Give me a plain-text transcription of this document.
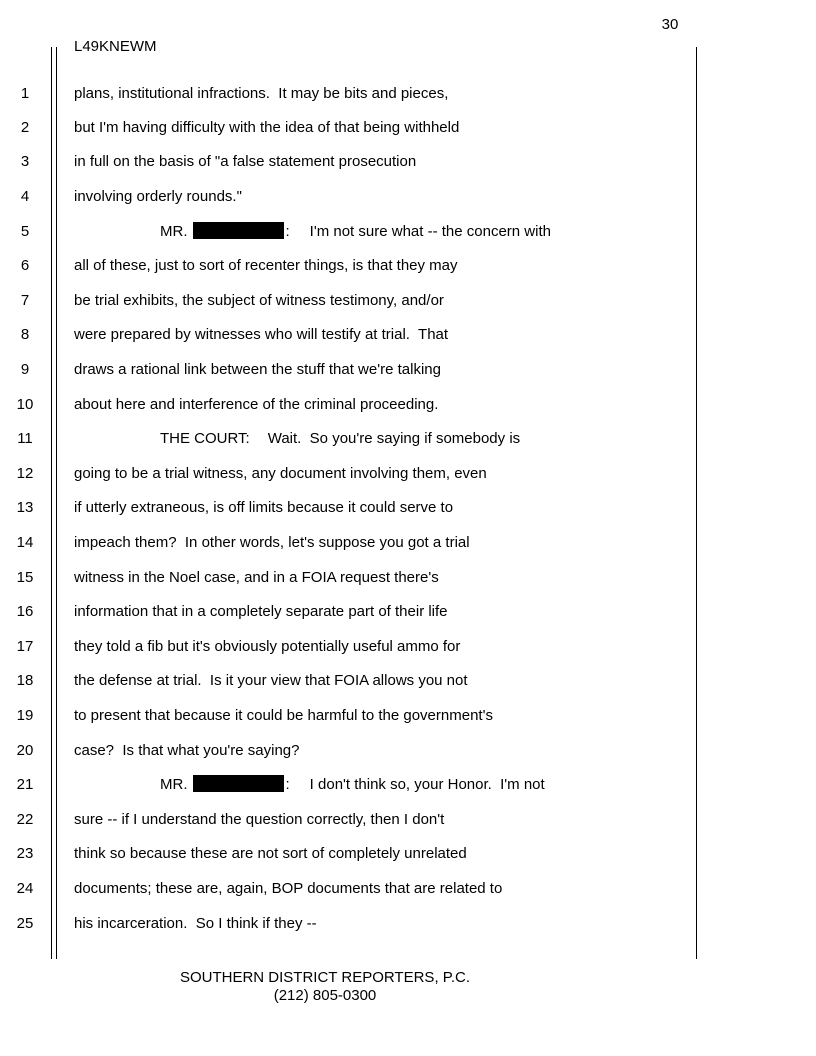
30
L49KNEWM
1	plans, institutional infractions.  It may be bits and pieces,
2	but I'm having difficulty with the idea of that being withheld
3	in full on the basis of "a false statement prosecution
4	involving orderly rounds."
5	MR.	: I'm not sure what -- the concern with
6	all of these, just to sort of recenter things, is that they may
7	be trial exhibits, the subject of witness testimony, and/or
8	were prepared by witnesses who will testify at trial.  That
9	draws a rational link between the stuff that we're talking
10	about here and interference of the criminal proceeding.
11	THE COURT: Wait.  So you're saying if somebody is
12	going to be a trial witness, any document involving them, even
13	if utterly extraneous, is off limits because it could serve to
14	impeach them?  In other words, let's suppose you got a trial
15	witness in the Noel case, and in a FOIA request there's
16	information that in a completely separate part of their life
17	they told a fib but it's obviously potentially useful ammo for
18	the defense at trial.  Is it your view that FOIA allows you not
19	to present that because it could be harmful to the government's
20	case?  Is that what you're saying?
21	MR.	: I don't think so, your Honor.  I'm not
22	sure -- if I understand the question correctly, then I don't
23	think so because these are not sort of completely unrelated
24	documents; these are, again, BOP documents that are related to
25	his incarceration.  So I think if they --
SOUTHERN DISTRICT REPORTERS, P.C.
(212) 805-0300
